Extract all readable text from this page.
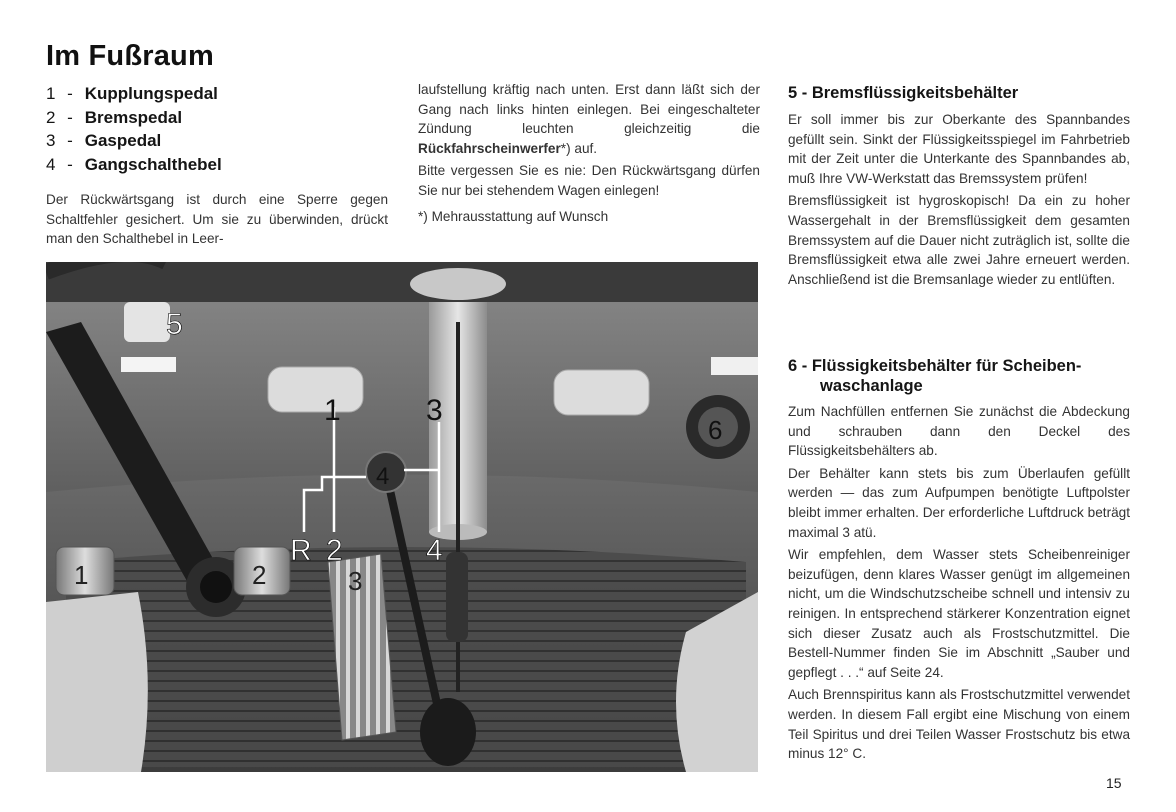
Im Fußraum
1 - Kupplungspedal
2 - Bremspedal
3 - Gaspedal
4 - Gangschalthebel

Der Rückwärtsgang ist durch eine Sperre gegen Schaltfehler gesichert. Um sie zu überwinden, drückt man den Schalthebel in Leer-

laufstellung kräftig nach unten. Erst dann läßt sich der Gang nach links hinten einlegen. Bei eingeschalteter Zündung leuchten gleichzeitig die Rückfahrscheinwerfer*) auf.

Bitte vergessen Sie es nie: Den Rückwärtsgang dürfen Sie nur bei stehendem Wagen einlegen!

*) Mehrausstattung auf Wunsch

5 - Bremsflüssigkeitsbehälter

Er soll immer bis zur Oberkante des Spannbandes gefüllt sein. Sinkt der Flüssigkeitsspiegel im Fahrbetrieb mit der Zeit unter die Unterkante des Spannbandes ab, muß Ihre VW-Werkstatt das Bremssystem prüfen!

Bremsflüssigkeit ist hygroskopisch! Da ein zu hoher Wassergehalt in der Bremsflüssigkeit dem gesamten Bremssystem auf die Dauer nicht zuträglich ist, sollte die Bremsflüssigkeit etwa alle zwei Jahre erneuert werden. Anschließend ist die Bremsanlage wieder zu entlüften.

6 - Flüssigkeitsbehälter für Scheiben-
waschanlage

Zum Nachfüllen entfernen Sie zunächst die Abdeckung und schrauben dann den Deckel des Flüssigkeitsbehälters ab.

Der Behälter kann stets bis zum Überlaufen gefüllt werden — das zum Aufpumpen benötigte Luftpolster bleibt immer erhalten. Der erforderliche Luftdruck beträgt maximal 3 atü.

Wir empfehlen, dem Wasser stets Scheibenreiniger beizufügen, denn klares Wasser genügt im allgemeinen nicht, um die Windschutzscheibe schnell und intensiv zu reinigen. In entsprechend stärkerer Konzentration eignet sich dieser Zusatz auch als Frostschutzmittel. Die Bestell-Nummer finden Sie im Abschnitt „Sauber und gepflegt . . .“ auf Seite 24.

Auch Brennspiritus kann als Frostschutzmittel verwendet werden. In diesem Fall ergibt eine Mischung von einem Teil Spiritus und drei Teilen Wasser Frostschutz bis etwa minus 12° C.

15
5
1	3
4
6
R 2	4
1	2	3
